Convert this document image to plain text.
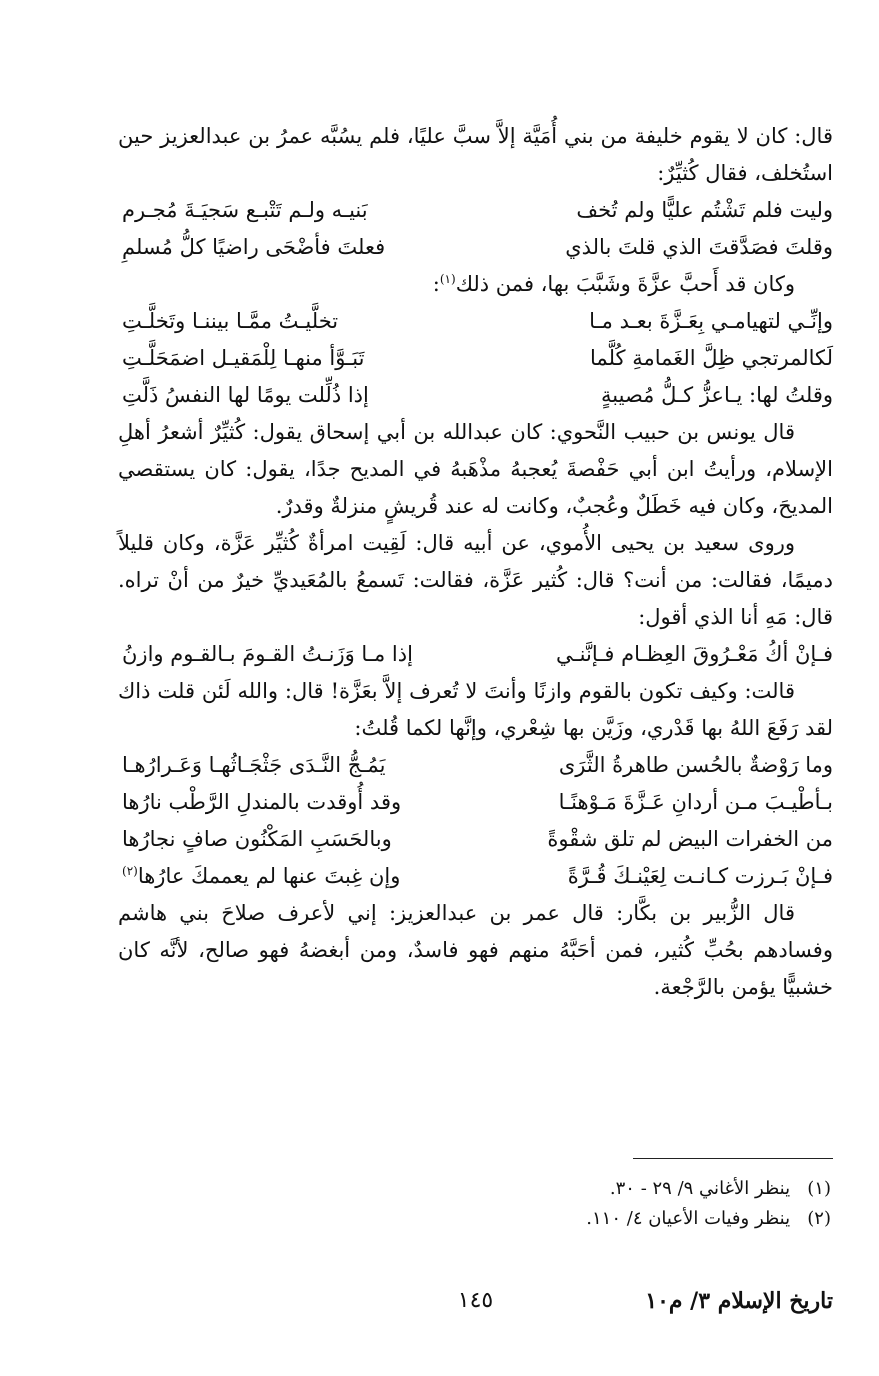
قال: كان لا يقوم خليفة من بني أُمَيَّة إلاَّ سبَّ عليًا، فلم يسُبَّه عمرُ بن عبدالعزيز حين استُخلف، فقال كُثيِّرٌ:

وليت فلم تَشْتُم عليًّا ولم تُخف
بَنيـه ولـم تَتْبـع سَجيَـةَ مُجـرم
وقلتَ فصَدَّقتَ الذي قلتَ بالذي
فعلتَ فأضْحَى راضيًا كلُّ مُسلمِ

وكان قد أَحبَّ عزَّةَ وشَبَّبَ بها، فمن ذلك$^{(١)}$:

وإنِّـي لتهيامـي بِعَـزَّةَ بعـد مـا
تخلَّيـتُ ممَّـا بيننـا وتَخلَّـتِ
لَكالمرتجي ظِلَّ الغَمامةِ كُلَّما
تَبَـوَّأ منهـا لِلْمَقيـل اضمَحَلَّـتِ
وقلتُ لها: يـاعزُّ كـلُّ مُصيبةٍ
إذا ذُلِّلت يومًا لها النفسُ ذَلَّتِ

قال يونس بن حبيب النَّحوي: كان عبدالله بن أبي إسحاق يقول: كُثيِّرٌ أشعرُ أهلِ الإسلام، ورأيتُ ابن أبي حَفْصةَ يُعجبهُ مذْهَبهُ في المديح جدًا، يقول: كان يستقصي المديحَ، وكان فيه خَطَلٌ وعُجبٌ، وكانت له عند قُريشٍ منزلةٌ وقدرٌ.

وروى سعيد بن يحيى الأُموي، عن أبيه قال: لَقِيت امرأةٌ كُثيِّر عَزَّة، وكان قليلاً دميمًا، فقالت: من أنت؟ قال: كُثير عَزَّة، فقالت: تَسمعُ بالمُعَيديِّ خيرٌ من أنْ تراه. قال: مَهِ أنا الذي أقول:

فـإنْ أكُ مَعْـرُوقَ العِظـام فـإنَّنـي
إذا مـا وَزَنـتُ القـومَ بـالقـوم وازنُ

قالت: وكيف تكون بالقوم وازنًا وأنتَ لا تُعرف إلاَّ بعَزَّة! قال: والله لَئن قلت ذاك لقد رَفَعَ اللهُ بها قَدْري، وزَيَّن بها شِعْري، وإنَّها لكما قُلتُ:

وما رَوْضةٌ بالحُسن طاهرةُ الثَّرَى
يَمُـجُّ النَّـدَى جَثْجَـاثُهـا وَعَـرارُهـا
بـأطْيـبَ مـن أردانِ عَـزَّةَ مَـوْهنًـا
وقد أُوقدت بالمندلِ الرَّطْب نارُها
من الخفرات البيض لم تلق شقْوةً
وبالحَسَبِ المَكْنُون صافٍ نجارُها
فـإنْ بَـرزت كـانـت لِعَيْنـكَ قُـرَّةً
وإن غِبتَ عنها لم يعممكَ عارُها$^{(٢)}$

قال الزُّبير بن بكَّار: قال عمر بن عبدالعزيز: إني لأعرف صلاحَ بني هاشم وفسادهم بحُبِّ كُثير، فمن أحَبَّهُ منهم فهو فاسدٌ، ومن أبغضهُ فهو صالح، لأنَّه كان خشبيًّا يؤمن بالرَّجْعة.

(١)   ينظر الأغاني ٩/ ٢٩ - ٣٠.
(٢)   ينظر وفيات الأعيان ٤/ ١١٠.
تاريخ الإسلام ٣/ م١٠
١٤٥
